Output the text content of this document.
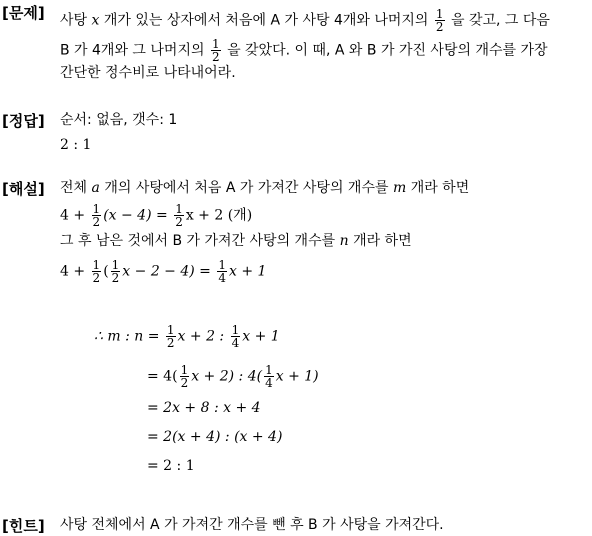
[문제] 사탕 x 개가 있는 상자에서 처음에 A 가 사탕 4개와 나머지의 $\frac{1}{2}$ 을 갖고, 그 다음
B 가 4개와 그 나머지의 $\frac{1}{2}$ 을 갖았다. 이 때, A 와 B 가 가진 사탕의 개수를 가장
간단한 정수비로 나타내어라.
[정답] 순서: 없음, 갯수: 1
2 : 1
[해설] 전체 a 개의 사탕에서 처음 A 가 가져간 사탕의 개수를 m 개라 하면
$4 + \frac{1}{2} (x - 4) = \frac{1}{2}$ x + 2 (개)
그 후 남은 것에서 B 가 가져간 사탕의 개수를 n 개라 하면
$4 + \frac{1}{2}$ ( $\frac{1}{2}$ $x - 2 - 4) = \frac{1}{4}$ x + 1
∴ m : $n = \frac{1}{2}$ x + 2 : $\frac{1}{4}$ x + 1
= $4( \frac{1}{2}$ x + 2) : $4( \frac{1}{4}$ x + 1)
= 2x + 8 : x + 4
= 2(x + 4) : (x + 4)
= 2 : 1
[힌트] 사탕 전체에서 A 가 가져간 개수를 뺀 후 B 가 사탕을 가져간다.
